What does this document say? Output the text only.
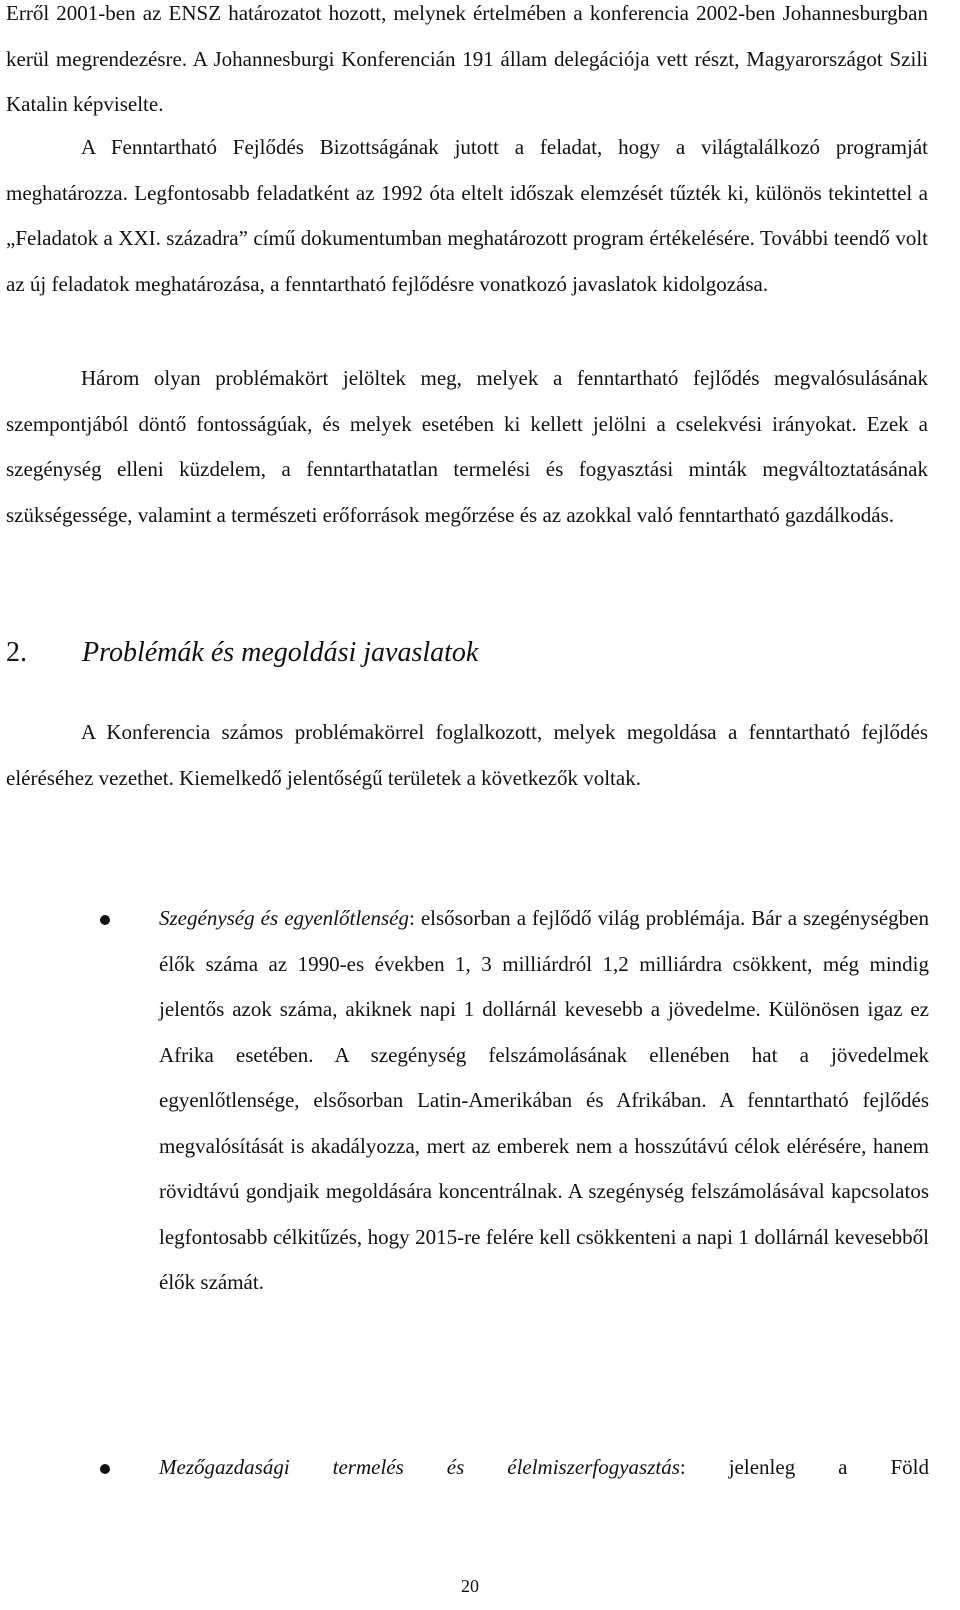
Erről 2001-ben az ENSZ határozatot hozott, melynek értelmében a konferencia 2002-ben Johannesburgban kerül megrendezésre. A Johannesburgi Konferencián 191 állam delegációja vett részt, Magyarországot Szili Katalin képviselte.

A Fenntartható Fejlődés Bizottságának jutott a feladat, hogy a világtalálkozó programját meghatározza. Legfontosabb feladatként az 1992 óta eltelt időszak elemzését tűzték ki, különös tekintettel a „Feladatok a XXI. századra” című dokumentumban meghatározott program értékelésére. További teendő volt az új feladatok meghatározása, a fenntartható fejlődésre vonatkozó javaslatok kidolgozása.

Három olyan problémakört jelöltek meg, melyek a fenntartható fejlődés megvalósulásának szempontjából döntő fontosságúak, és melyek esetében ki kellett jelölni a cselekvési irányokat. Ezek a szegénység elleni küzdelem, a fenntarthatatlan termelési és fogyasztási minták megváltoztatásának szükségessége, valamint a természeti erőforrások megőrzése és az azokkal való fenntartható gazdálkodás.

2. Problémák és megoldási javaslatok

A Konferencia számos problémakörrel foglalkozott, melyek megoldása a fenntartható fejlődés eléréséhez vezethet. Kiemelkedő jelentőségű területek a következők voltak.

Szegénység és egyenlőtlenség: elsősorban a fejlődő világ problémája. Bár a szegénységben élők száma az 1990-es években 1, 3 milliárdról 1,2 milliárdra csökkent, még mindig jelentős azok száma, akiknek napi 1 dollárnál kevesebb a jövedelme. Különösen igaz ez Afrika esetében. A szegénység felszámolásának ellenében hat a jövedelmek egyenlőtlensége, elsősorban Latin-Amerikában és Afrikában. A fenntartható fejlődés megvalósítását is akadályozza, mert az emberek nem a hosszútávú célok elérésére, hanem rövidtávú gondjaik megoldására koncentrálnak. A szegénység felszámolásával kapcsolatos legfontosabb célkitűzés, hogy 2015-re felére kell csökkenteni a napi 1 dollárnál kevesebből élők számát.

Mezőgazdasági termelés és élelmiszerfogyasztás: jelenleg a Föld

20
